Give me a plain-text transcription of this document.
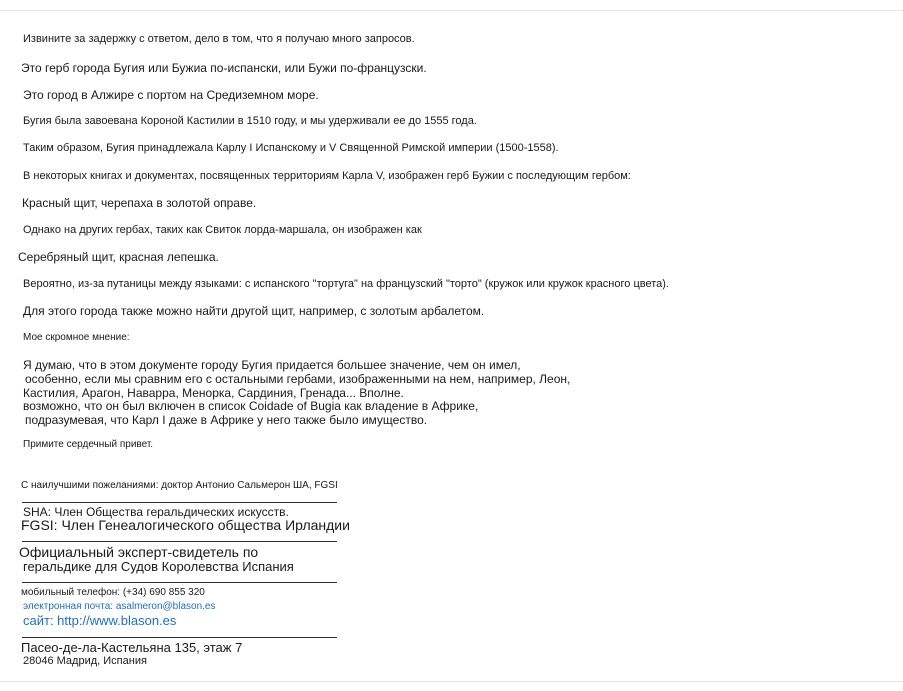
Извините за задержку с ответом, дело в том, что я получаю много запросов.
Это герб города Бугия или Бужиа по-испански, или Бужи по-французски.
Это город в Алжире с портом на Средиземном море.
Бугия была завоевана Короной Кастилии в 1510 году, и мы удерживали ее до 1555 года.
Таким образом, Бугия принадлежала Карлу I Испанскому и V Священной Римской империи (1500-1558).
В некоторых книгах и документах, посвященных территориям Карла V, изображен герб Бужии с последующим гербом:
Красный щит, черепаха в золотой оправе.
Однако на других гербах, таких как Свиток лорда-маршала, он изображен как
Серебряный щит, красная лепешка.
Вероятно, из-за путаницы между языками: с испанского "тортуга" на французский "торто" (кружок или кружок красного цвета).
Для этого города также можно найти другой щит, например, с золотым арбалетом.
Мое скромное мнение:
Я думаю, что в этом документе городу Бугия придается большее значение, чем он имел,
особенно, если мы сравним его с остальными гербами, изображенными на нем, например, Леон,
Кастилия, Арагон, Наварра, Менорка, Сардиния, Гренада... Вполне.
возможно, что он был включен в список Coidade of Bugia как владение в Африке,
подразумевая, что Карл I даже в Африке у него также было имущество.
Примите сердечный привет.
С наилучшими пожеланиями: доктор Антонио Сальмерон ША, FGSI
SHA: Член Общества геральдических искусств.
FGSI: Член Генеалогического общества Ирландии
Официальный эксперт-свидетель по
геральдике для Судов Королевства Испания
мобильный телефон: (+34) 690 855 320
электронная почта: asalmeron@blason.es
сайт: http://www.blason.es
Пасео-де-ла-Кастельяна 135, этаж 7
28046 Мадрид, Испания
